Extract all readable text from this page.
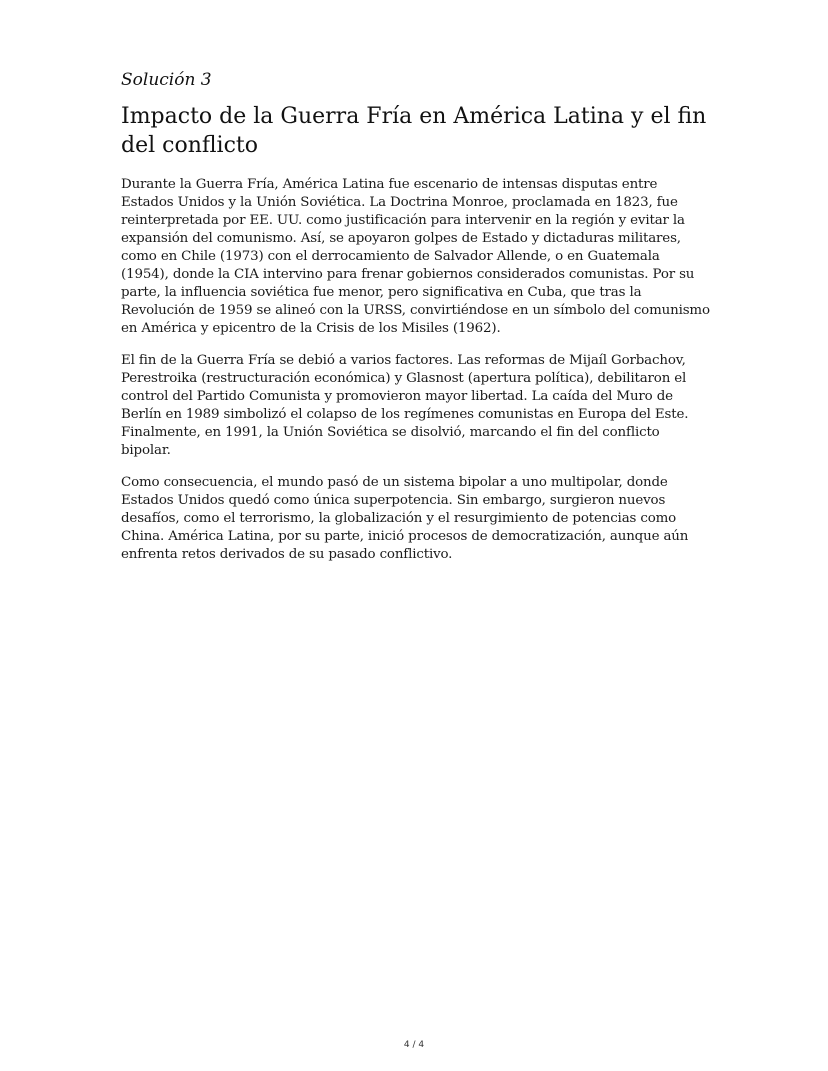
Solución 3
Impacto de la Guerra Fría en América Latina y el fin del conflicto

Durante la Guerra Fría, América Latina fue escenario de intensas disputas entre Estados Unidos y la Unión Soviética. La Doctrina Monroe, proclamada en 1823, fue reinterpretada por EE. UU. como justificación para intervenir en la región y evitar la expansión del comunismo. Así, se apoyaron golpes de Estado y dictaduras militares, como en Chile (1973) con el derrocamiento de Salvador Allende, o en Guatemala (1954), donde la CIA intervino para frenar gobiernos considerados comunistas. Por su parte, la influencia soviética fue menor, pero significativa en Cuba, que tras la Revolución de 1959 se alineó con la URSS, convirtiéndose en un símbolo del comunismo en América y epicentro de la Crisis de los Misiles (1962).

El fin de la Guerra Fría se debió a varios factores. Las reformas de Mijaíl Gorbachov, Perestroika (restructuración económica) y Glasnost (apertura política), debilitaron el control del Partido Comunista y promovieron mayor libertad. La caída del Muro de Berlín en 1989 simbolizó el colapso de los regímenes comunistas en Europa del Este. Finalmente, en 1991, la Unión Soviética se disolvió, marcando el fin del conflicto bipolar.

Como consecuencia, el mundo pasó de un sistema bipolar a uno multipolar, donde Estados Unidos quedó como única superpotencia. Sin embargo, surgieron nuevos desafíos, como el terrorismo, la globalización y el resurgimiento de potencias como China. América Latina, por su parte, inició procesos de democratización, aunque aún enfrenta retos derivados de su pasado conflictivo.

4 / 4
